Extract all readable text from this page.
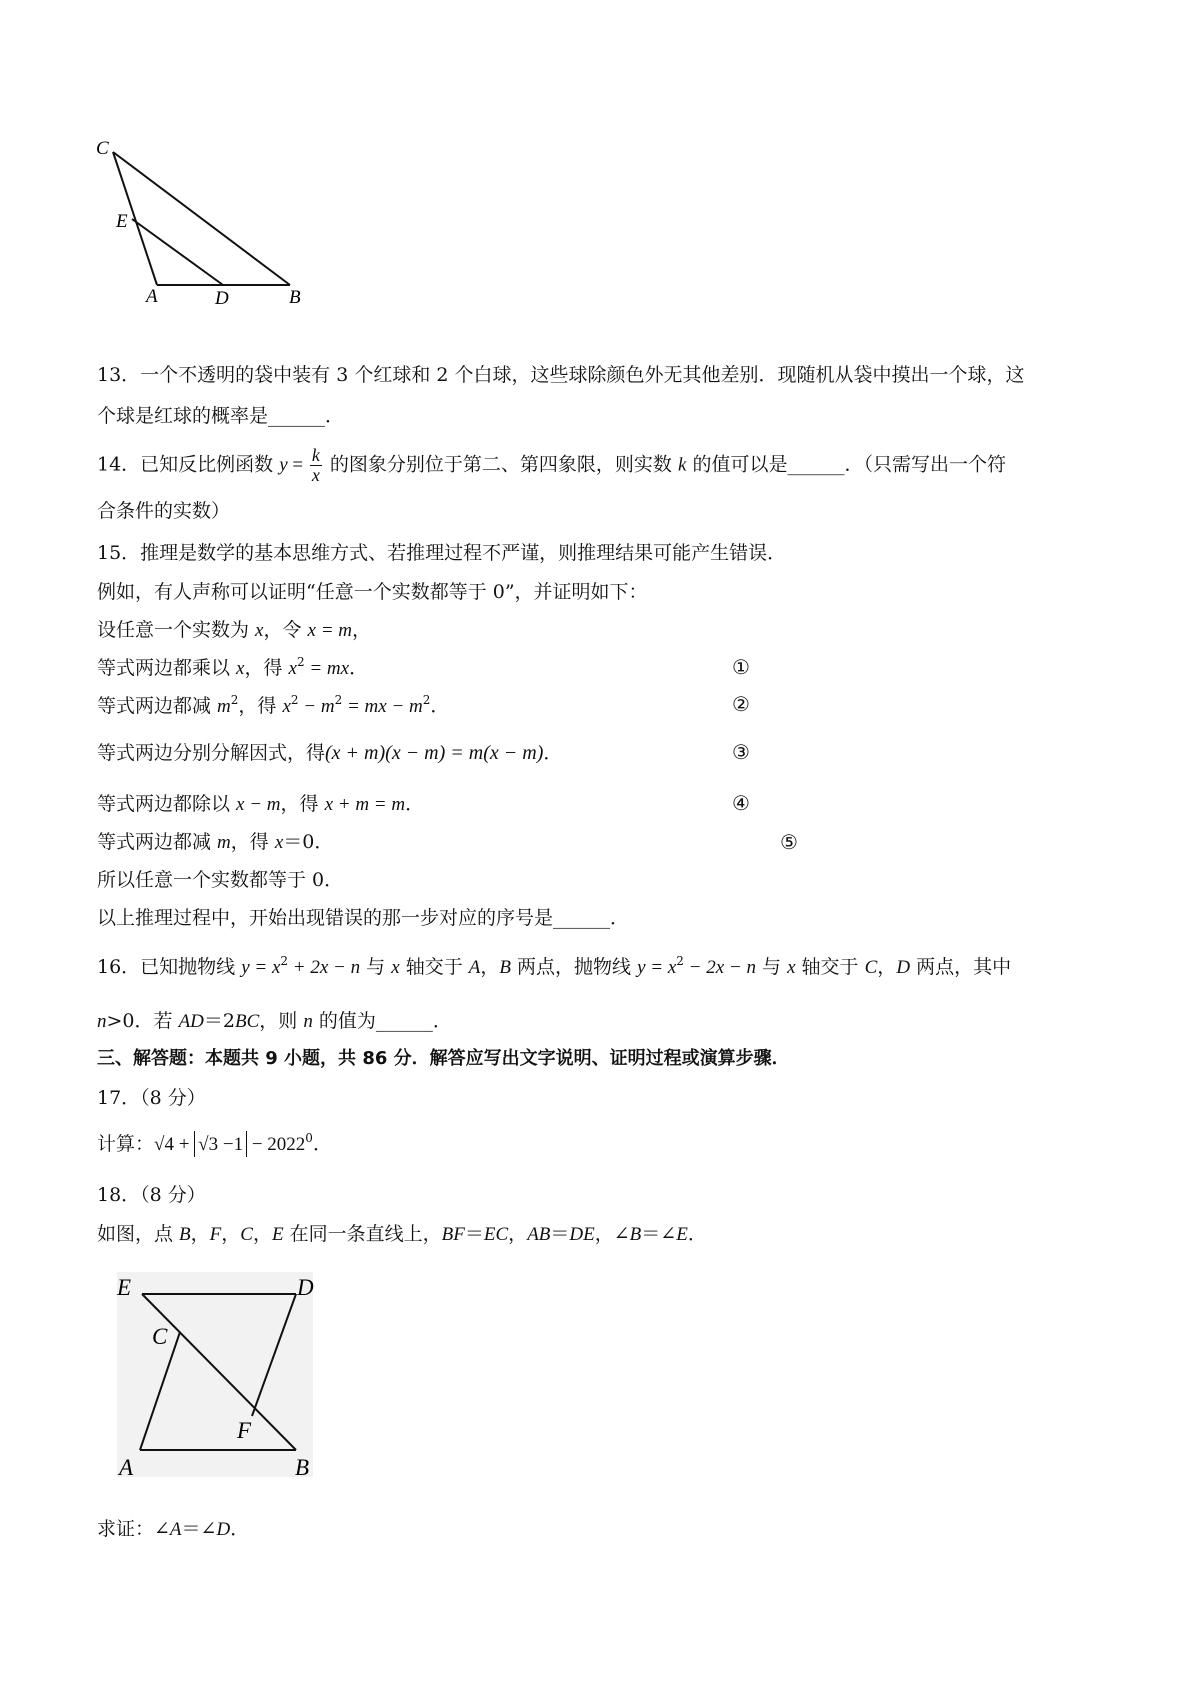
C
E
A	D	B
13．一个不透明的袋中装有 3 个红球和 2 个白球，这些球除颜色外无其他差别．现随机从袋中摸出一个球，这
个球是红球的概率是______．
14．已知反比例函数 $y = \frac{k}{x}$ 的图象分别位于第二、第四象限，则实数 k 的值可以是______．（只需写出一个符
合条件的实数）
15．推理是数学的基本思维方式、若推理过程不严谨，则推理结果可能产生错误．
例如，有人声称可以证明“任意一个实数都等于 0”，并证明如下：
设任意一个实数为 x，令 x = m，
等式两边都乘以 x，得 $x^2$ = mx．	①
等式两边都减 $m^2$，得 $x^2 - m^2$ = mx − $m^2$．	②
等式两边分别分解因式，得(x + m)(x − m) = m(x − m)．	③
等式两边都除以 x − m，得 x + m = m．	④
等式两边都减 m，得 x＝0．	⑤
所以任意一个实数都等于 0．
以上推理过程中，开始出现错误的那一步对应的序号是______．
16．已知抛物线 $y = x^2 + 2x - n$ 与 x 轴交于 A，B 两点，抛物线 $y = x^2 - 2x - n$ 与 x 轴交于 C，D 两点，其中
n>0．若 AD＝2BC，则 n 的值为______．
三、解答题：本题共 9 小题，共 86 分．解答应写出文字说明、证明过程或演算步骤．
17．（8 分）
计算：$√4 + √3 -1 - 2022^0$．
18．（8 分）
如图，点 B，F，C，E 在同一条直线上，BF＝EC，AB＝DE，∠B＝∠E．
E	D
C
F
A	B
求证：∠A＝∠D．
